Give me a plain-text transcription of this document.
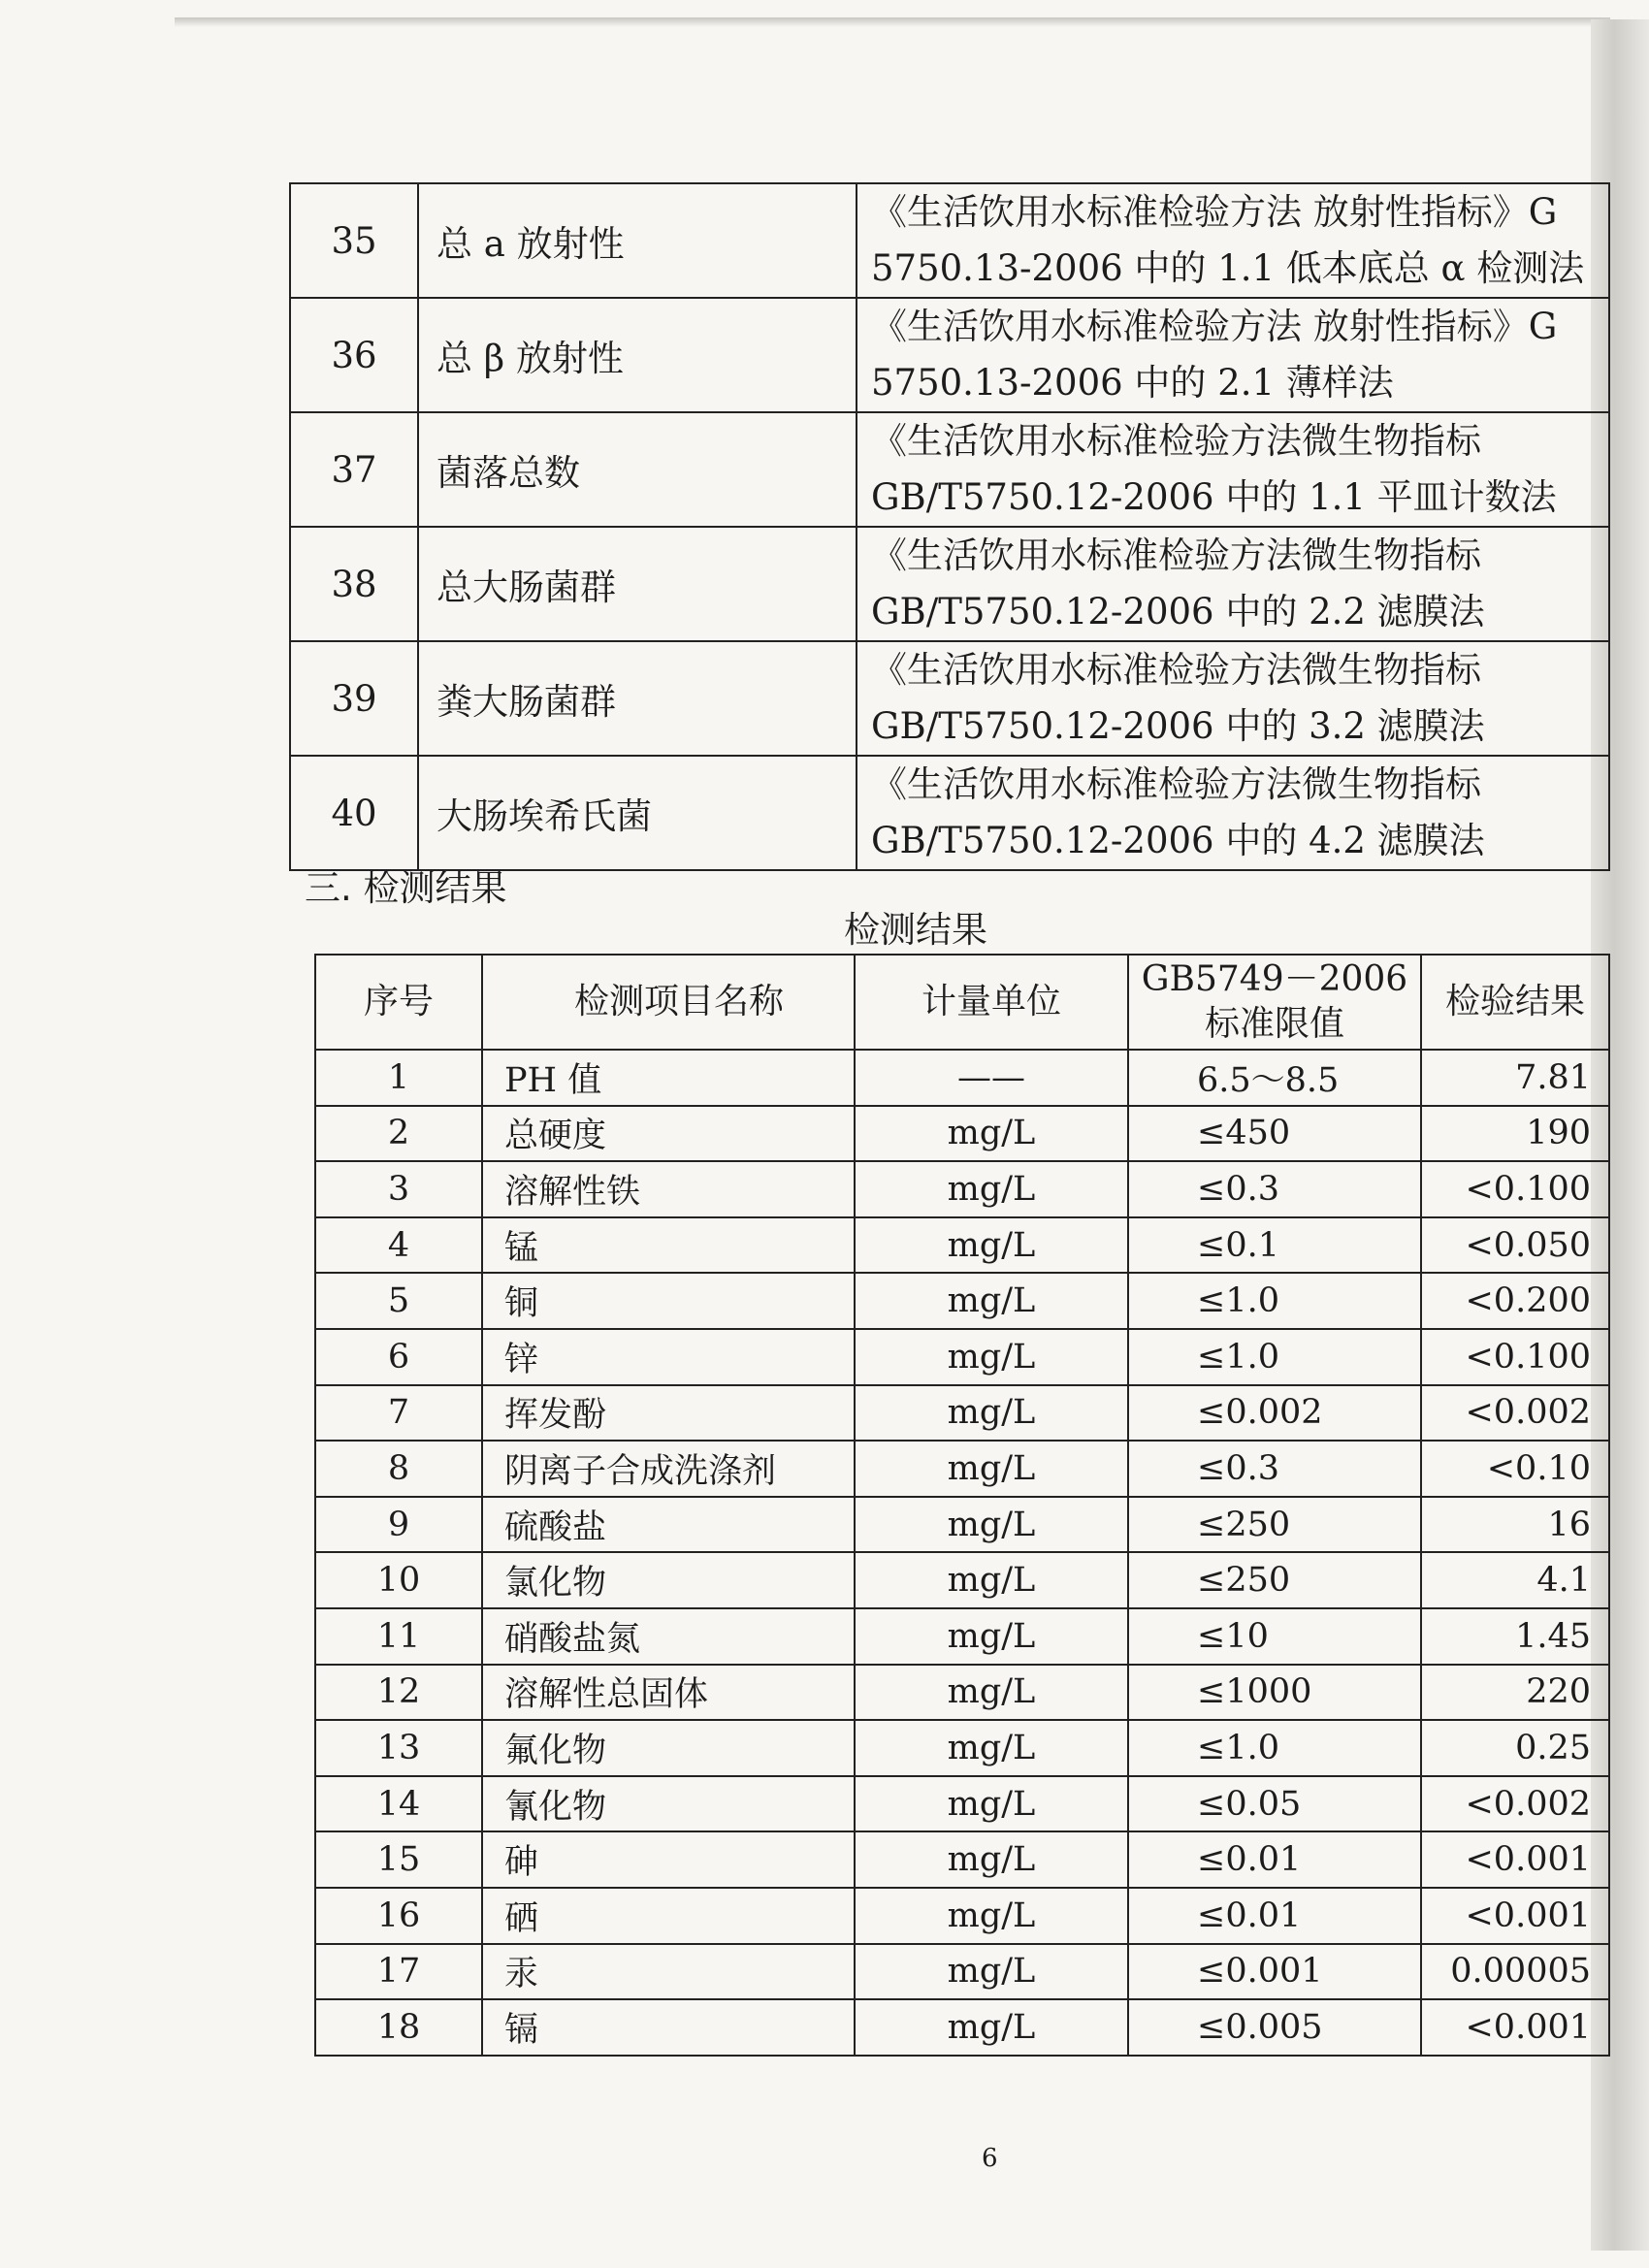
35	总 a 放射性	《生活饮用水标准检验方法 放射性指标》G
5750.13-2006 中的 1.1 低本底总 α 检测法

36	总 β 放射性	《生活饮用水标准检验方法 放射性指标》G
5750.13-2006 中的 2.1 薄样法

37	菌落总数	《生活饮用水标准检验方法微生物指标
GB/T5750.12-2006 中的 1.1 平皿计数法

38	总大肠菌群	《生活饮用水标准检验方法微生物指标
GB/T5750.12-2006 中的 2.2 滤膜法

39	粪大肠菌群	《生活饮用水标准检验方法微生物指标
GB/T5750.12-2006 中的 3.2 滤膜法

40	大肠埃希氏菌	《生活饮用水标准检验方法微生物指标
GB/T5750.12-2006 中的 4.2 滤膜法
三. 检测结果
检测结果
序号	检测项目名称	计量单位	GB5749－2006
标准限值	检验结果
1	PH 值	——	6.5～8.5	7.81
2	总硬度	mg/L	≤450	190
3	溶解性铁	mg/L	≤0.3	<0.100
4	锰	mg/L	≤0.1	<0.050
5	铜	mg/L	≤1.0	<0.200
6	锌	mg/L	≤1.0	<0.100
7	挥发酚	mg/L	≤0.002	<0.002
8	阴离子合成洗涤剂	mg/L	≤0.3	<0.10
9	硫酸盐	mg/L	≤250	16
10	氯化物	mg/L	≤250	4.1
11	硝酸盐氮	mg/L	≤10	1.45
12	溶解性总固体	mg/L	≤1000	220
13	氟化物	mg/L	≤1.0	0.25
14	氰化物	mg/L	≤0.05	<0.002
15	砷	mg/L	≤0.01	<0.001
16	硒	mg/L	≤0.01	<0.001
17	汞	mg/L	≤0.001	0.00005
18	镉	mg/L	≤0.005	<0.001
6
